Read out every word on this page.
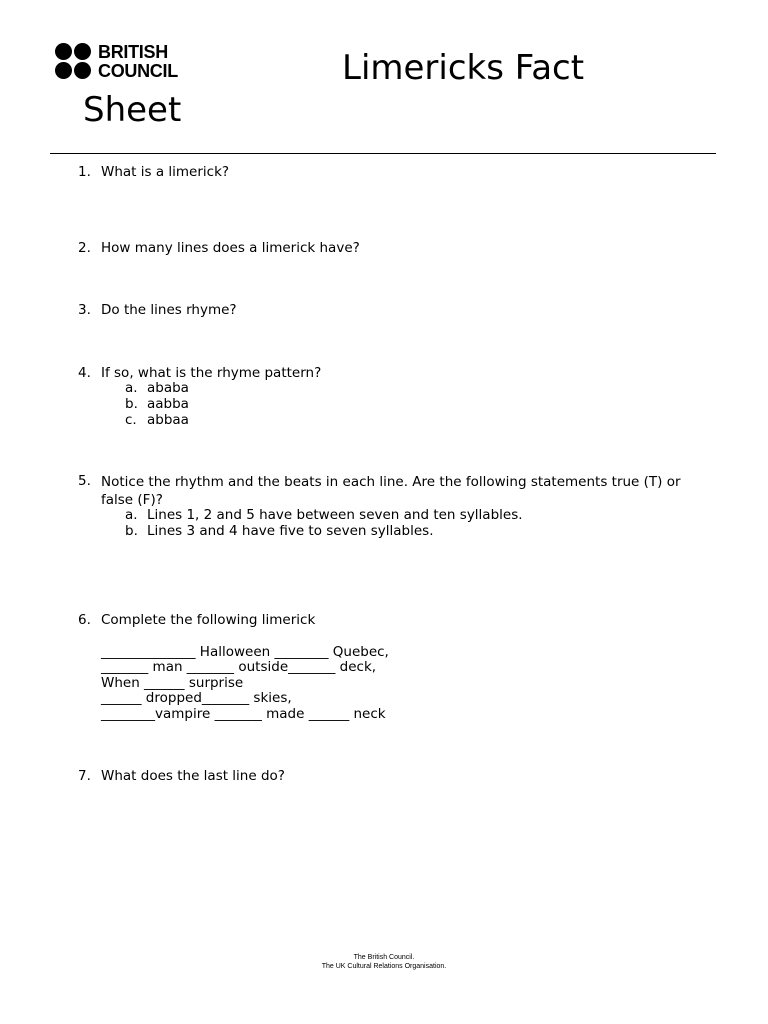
BRITISH
COUNCIL	Limericks Fact
Sheet
1. What is a limerick?
2. How many lines does a limerick have?
3. Do the lines rhyme?
4. If so, what is the rhyme pattern?
a. ababa
b. aabba
c. abbaa
5. Notice the rhythm and the beats in each line. Are the following statements true (T) or false (F)?
a. Lines 1, 2 and 5 have between seven and ten syllables.
b. Lines 3 and 4 have five to seven syllables.
6. Complete the following limerick
______________ Halloween ________ Quebec,
_______ man _______ outside_______ deck,
When ______ surprise
______ dropped_______ skies,
________vampire _______ made ______ neck
7. What does the last line do?
The British Council.
The UK Cultural Relations Organisation.
